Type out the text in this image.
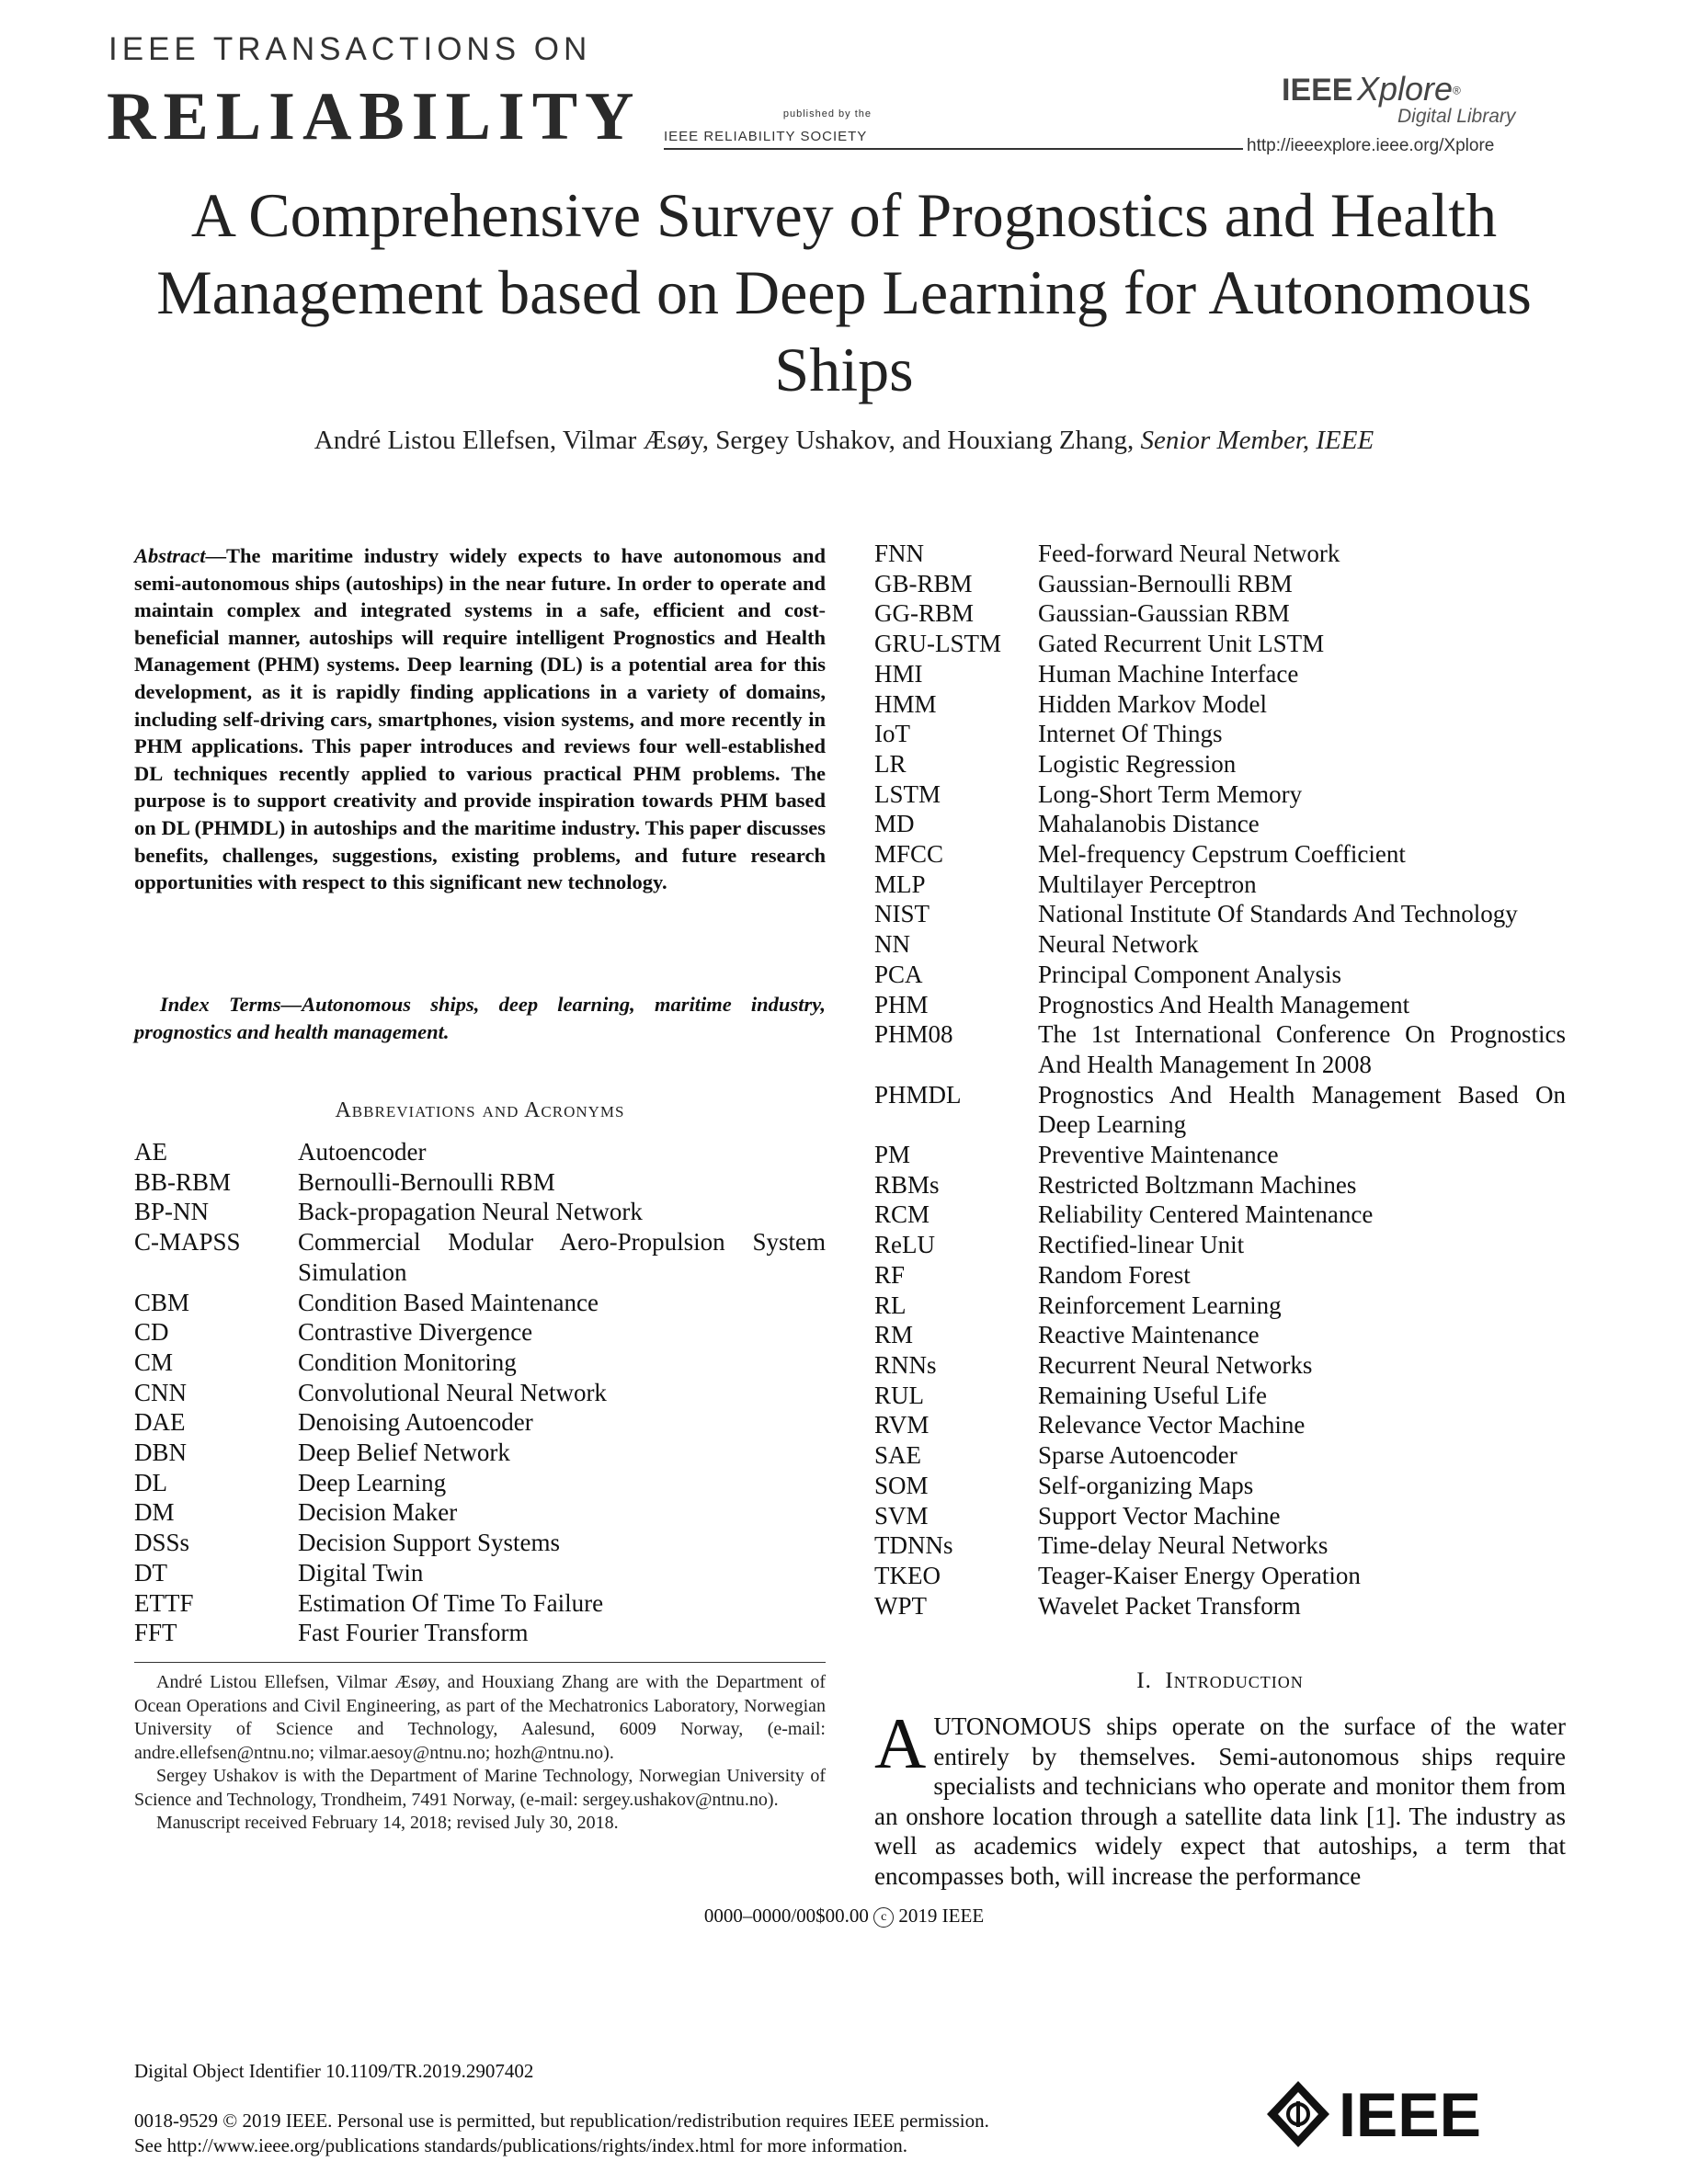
IEEE TRANSACTIONS ON
RELIABILITY	published by the
IEEE RELIABILITY SOCIETY
IEEE Xplore®
Digital Library
http://ieeexplore.ieee.org/Xplore
A Comprehensive Survey of Prognostics and Health Management based on Deep Learning for Autonomous Ships
André Listou Ellefsen, Vilmar Æsøy, Sergey Ushakov, and Houxiang Zhang, Senior Member, IEEE
Abstract—The maritime industry widely expects to have autonomous and semi-autonomous ships (autoships) in the near future. In order to operate and maintain complex and integrated systems in a safe, efficient and cost-beneficial manner, autoships will require intelligent Prognostics and Health Management (PHM) systems. Deep learning (DL) is a potential area for this development, as it is rapidly finding applications in a variety of domains, including self-driving cars, smartphones, vision systems, and more recently in PHM applications. This paper introduces and reviews four well-established DL techniques recently applied to various practical PHM problems. The purpose is to support creativity and provide inspiration towards PHM based on DL (PHMDL) in autoships and the maritime industry. This paper discusses benefits, challenges, suggestions, existing problems, and future research opportunities with respect to this significant new technology.
Index Terms—Autonomous ships, deep learning, maritime industry, prognostics and health management.
Abbreviations and Acronyms
AE	Autoencoder
BB-RBM	Bernoulli-Bernoulli RBM
BP-NN	Back-propagation Neural Network
C-MAPSS	Commercial Modular Aero-Propulsion System Simulation
CBM	Condition Based Maintenance
CD	Contrastive Divergence
CM	Condition Monitoring
CNN	Convolutional Neural Network
DAE	Denoising Autoencoder
DBN	Deep Belief Network
DL	Deep Learning
DM	Decision Maker
DSSs	Decision Support Systems
DT	Digital Twin
ETTF	Estimation Of Time To Failure
FFT	Fast Fourier Transform
FNN	Feed-forward Neural Network
GB-RBM	Gaussian-Bernoulli RBM
GG-RBM	Gaussian-Gaussian RBM
GRU-LSTM	Gated Recurrent Unit LSTM
HMI	Human Machine Interface
HMM	Hidden Markov Model
IoT	Internet Of Things
LR	Logistic Regression
LSTM	Long-Short Term Memory
MD	Mahalanobis Distance
MFCC	Mel-frequency Cepstrum Coefficient
MLP	Multilayer Perceptron
NIST	National Institute Of Standards And Technology
NN	Neural Network
PCA	Principal Component Analysis
PHM	Prognostics And Health Management
PHM08	The 1st International Conference On Prognostics And Health Management In 2008
PHMDL	Prognostics And Health Management Based On Deep Learning
PM	Preventive Maintenance
RBMs	Restricted Boltzmann Machines
RCM	Reliability Centered Maintenance
ReLU	Rectified-linear Unit
RF	Random Forest
RL	Reinforcement Learning
RM	Reactive Maintenance
RNNs	Recurrent Neural Networks
RUL	Remaining Useful Life
RVM	Relevance Vector Machine
SAE	Sparse Autoencoder
SOM	Self-organizing Maps
SVM	Support Vector Machine
TDNNs	Time-delay Neural Networks
TKEO	Teager-Kaiser Energy Operation
WPT	Wavelet Packet Transform

André Listou Ellefsen, Vilmar Æsøy, and Houxiang Zhang are with the Department of Ocean Operations and Civil Engineering, as part of the Mechatronics Laboratory, Norwegian University of Science and Technology, Aalesund, 6009 Norway, (e-mail: andre.ellefsen@ntnu.no; vilmar.aesoy@ntnu.no; hozh@ntnu.no).

Sergey Ushakov is with the Department of Marine Technology, Norwegian University of Science and Technology, Trondheim, 7491 Norway, (e-mail: sergey.ushakov@ntnu.no).

Manuscript received February 14, 2018; revised July 30, 2018.

I. Introduction
AUTONOMOUS ships operate on the surface of the water entirely by themselves. Semi-autonomous ships require specialists and technicians who operate and monitor them from an onshore location through a satellite data link [1]. The industry as well as academics widely expect that autoships, a term that encompasses both, will increase the performance
0000–0000/00$00.00 c 2019 IEEE
Digital Object Identifier 10.1109/TR.2019.2907402
0018-9529 © 2019 IEEE. Personal use is permitted, but republication/redistribution requires IEEE permission.
See http://www.ieee.org/publications standards/publications/rights/index.html for more information.	IEEE
